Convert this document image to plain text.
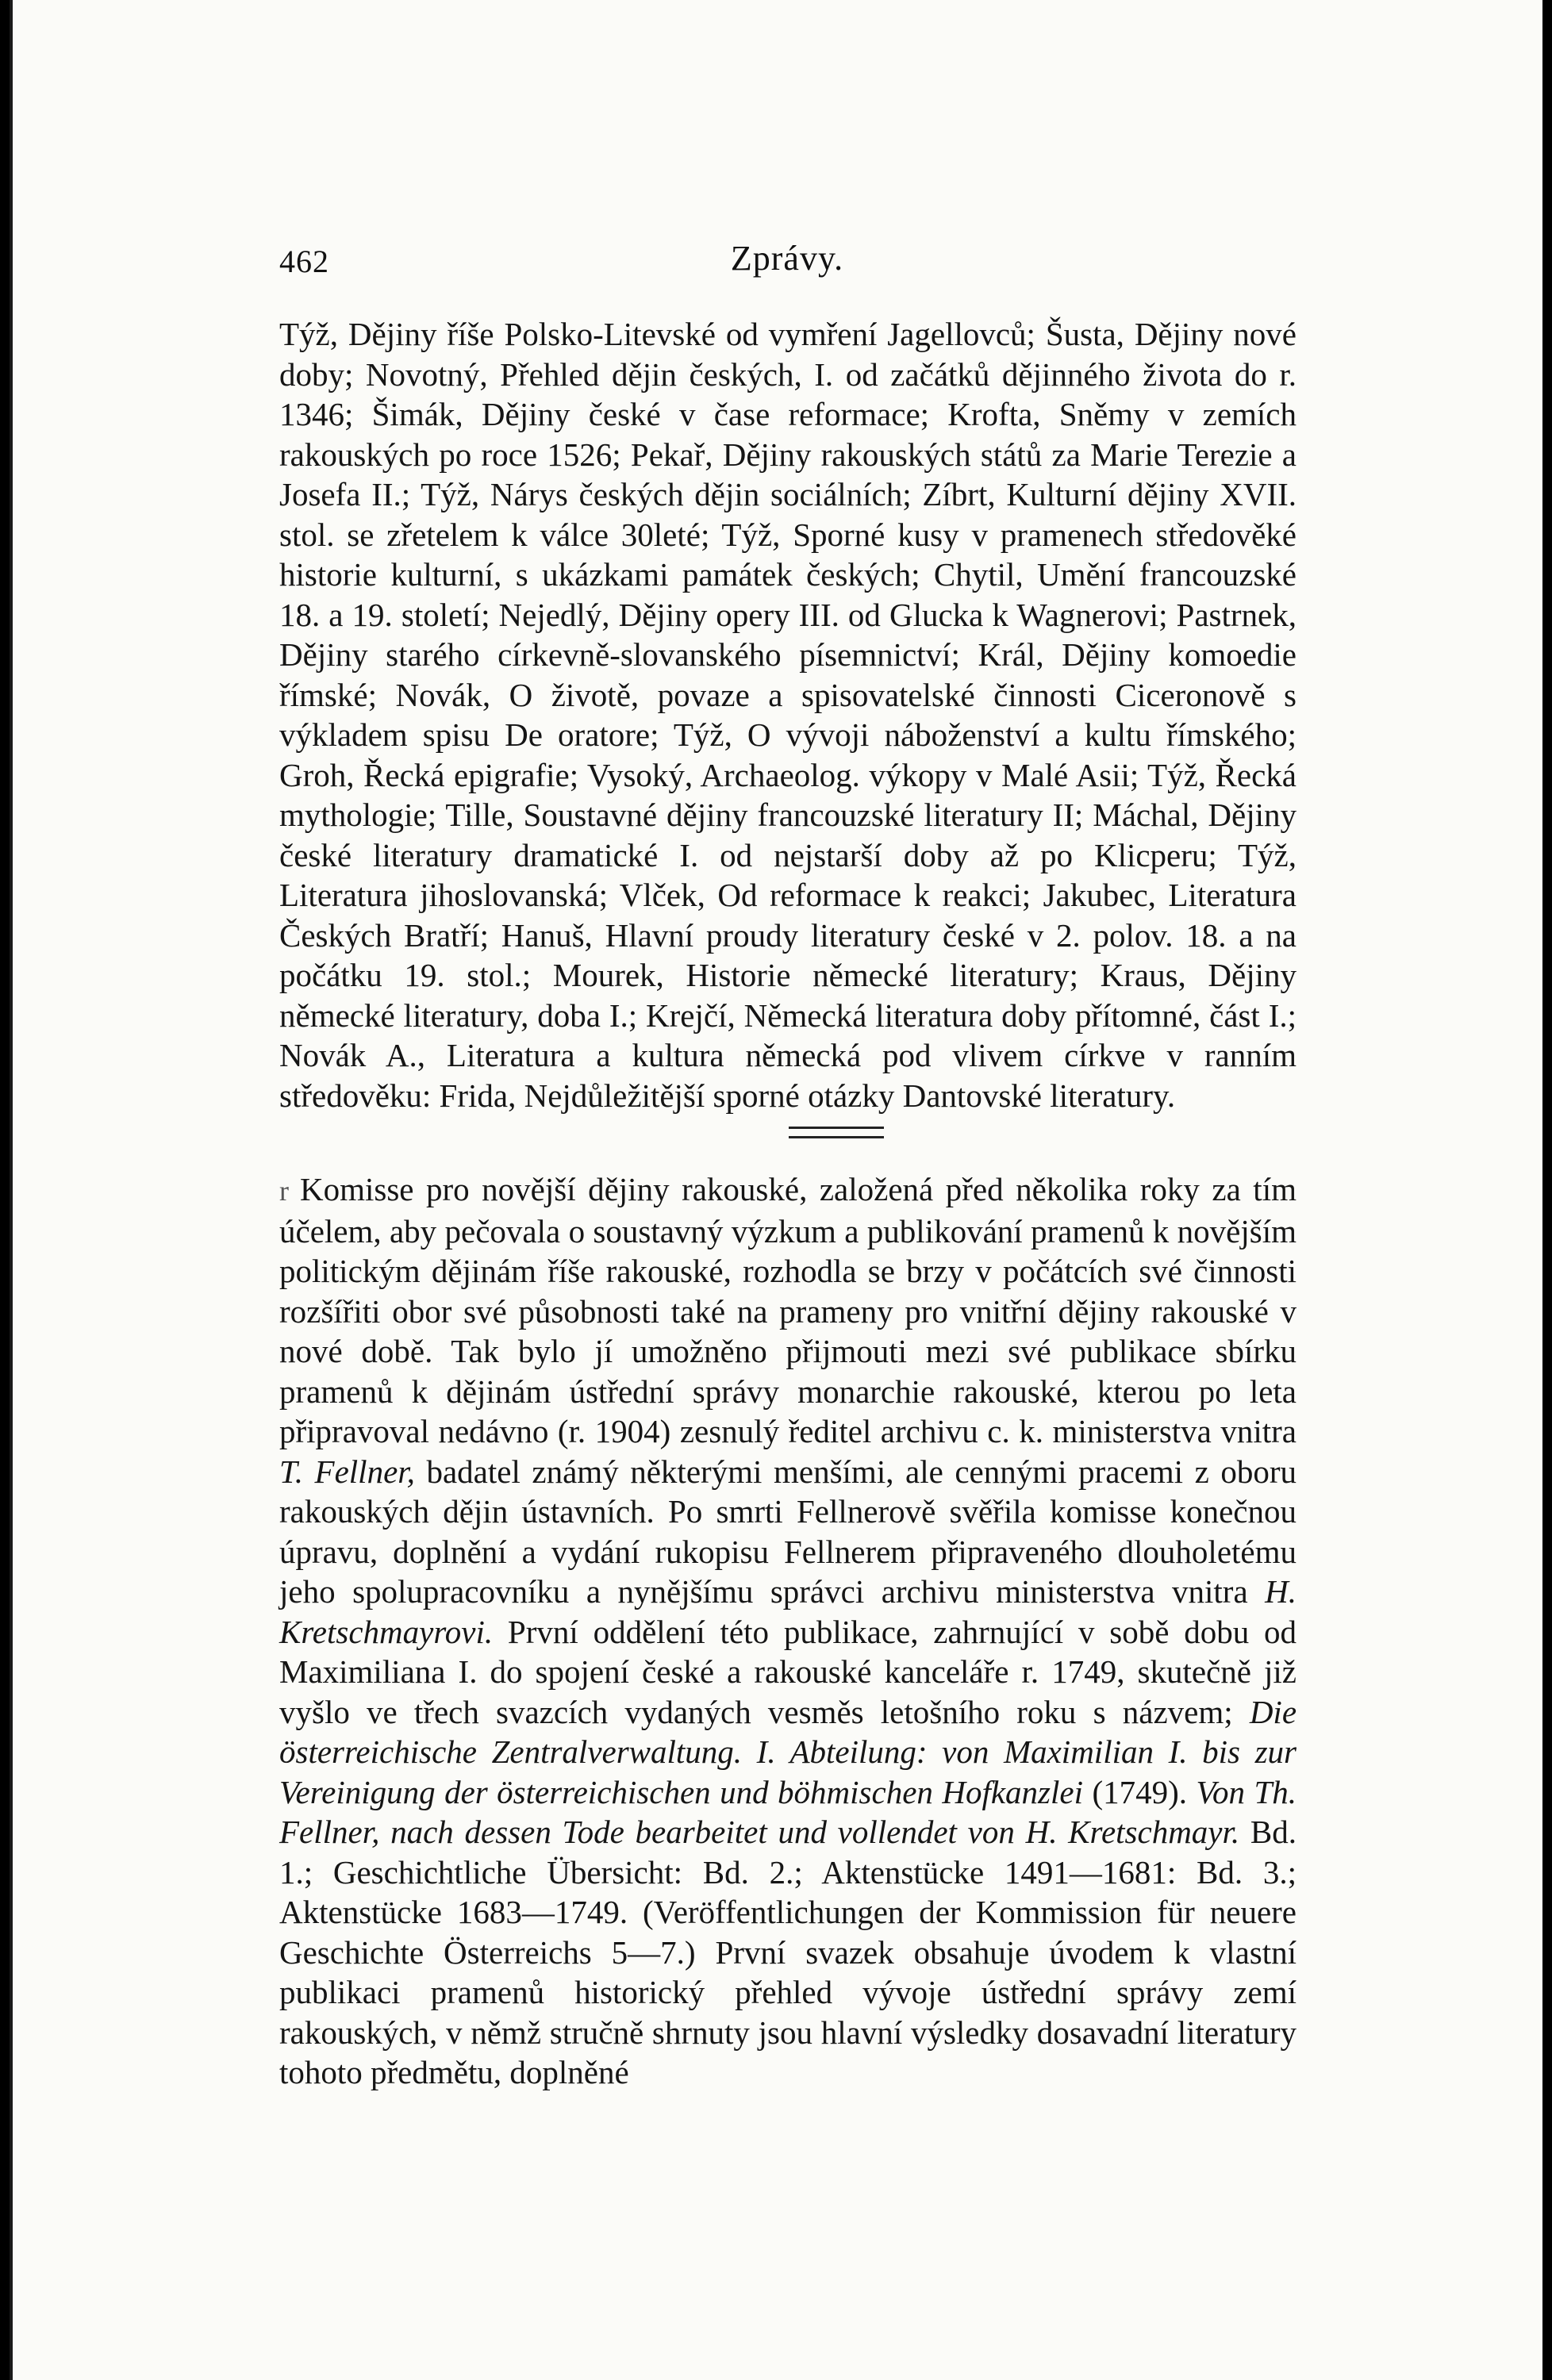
462	Zprávy.

Týž, Dějiny říše Polsko-Litevské od vymření Jagellovců; Šusta, Dějiny nové doby; Novotný, Přehled dějin českých, I. od začátků dějinného života do r. 1346; Šimák, Dějiny české v čase reformace; Krofta, Sněmy v zemích rakouských po roce 1526; Pekař, Dějiny rakouských států za Marie Terezie a Josefa II.; Týž, Nárys českých dějin sociálních; Zíbrt, Kulturní dějiny XVII. stol. se zřetelem k válce 30leté; Týž, Sporné kusy v pramenech středověké historie kulturní, s ukázkami památek českých; Chytil, Umění francouzské 18. a 19. století; Nejedlý, Dějiny opery III. od Glucka k Wagnerovi; Pastrnek, Dějiny starého církevně-slovanského písemnictví; Král, Dějiny komoedie římské; Novák, O životě, povaze a spisovatelské činnosti Ciceronově s výkladem spisu De oratore; Týž, O vývoji náboženství a kultu římského; Groh, Řecká epigrafie; Vysoký, Archaeolog. výkopy v Malé Asii; Týž, Řecká mythologie; Tille, Soustavné dějiny francouzské literatury II; Máchal, Dějiny české literatury dramatické I. od nejstarší doby až po Klicperu; Týž, Literatura jihoslovanská; Vlček, Od reformace k reakci; Jakubec, Literatura Českých Bratří; Hanuš, Hlavní proudy literatury české v 2. polov. 18. a na počátku 19. stol.; Mourek, Historie německé literatury; Kraus, Dějiny německé literatury, doba I.; Krejčí, Německá literatura doby přítomné, část I.; Novák A., Literatura a kultura německá pod vlivem církve v ranním středověku: Frida, Nejdůležitější sporné otázky Dantovské literatury.

r Komisse pro novější dějiny rakouské, založená před několika roky za tím účelem, aby pečovala o soustavný výzkum a publikování pramenů k novějším politickým dějinám říše rakouské, rozhodla se brzy v počátcích své činnosti rozšířiti obor své působnosti také na prameny pro vnitřní dějiny rakouské v nové době. Tak bylo jí umožněno přijmouti mezi své publikace sbírku pramenů k dějinám ústřední správy monarchie rakouské, kterou po leta připravoval nedávno (r. 1904) zesnulý ředitel archivu c. k. ministerstva vnitra T. Fellner, badatel známý některými menšími, ale cennými pracemi z oboru rakouských dějin ústavních. Po smrti Fellnerově svěřila komisse konečnou úpravu, doplnění a vydání rukopisu Fellnerem připraveného dlouholetému jeho spolupracovníku a nynějšímu správci archivu ministerstva vnitra H. Kretschmayrovi. První oddělení této publikace, zahrnující v sobě dobu od Maximiliana I. do spojení české a rakouské kanceláře r. 1749, skutečně již vyšlo ve třech svazcích vydaných vesměs letošního roku s názvem; Die österreichische Zentralverwaltung. I. Abteilung: von Maximilian I. bis zur Vereinigung der österreichischen und böhmischen Hofkanzlei (1749). Von Th. Fellner, nach dessen Tode bearbeitet und vollendet von H. Kretschmayr. Bd. 1.; Geschichtliche Übersicht: Bd. 2.; Aktenstücke 1491—1681: Bd. 3.; Aktenstücke 1683—1749. (Veröffentlichungen der Kommission für neuere Geschichte Österreichs 5—7.) První svazek obsahuje úvodem k vlastní publikaci pramenů historický přehled vývoje ústřední správy zemí rakouských, v němž stručně shrnuty jsou hlavní výsledky dosavadní literatury tohoto předmětu, doplněné
